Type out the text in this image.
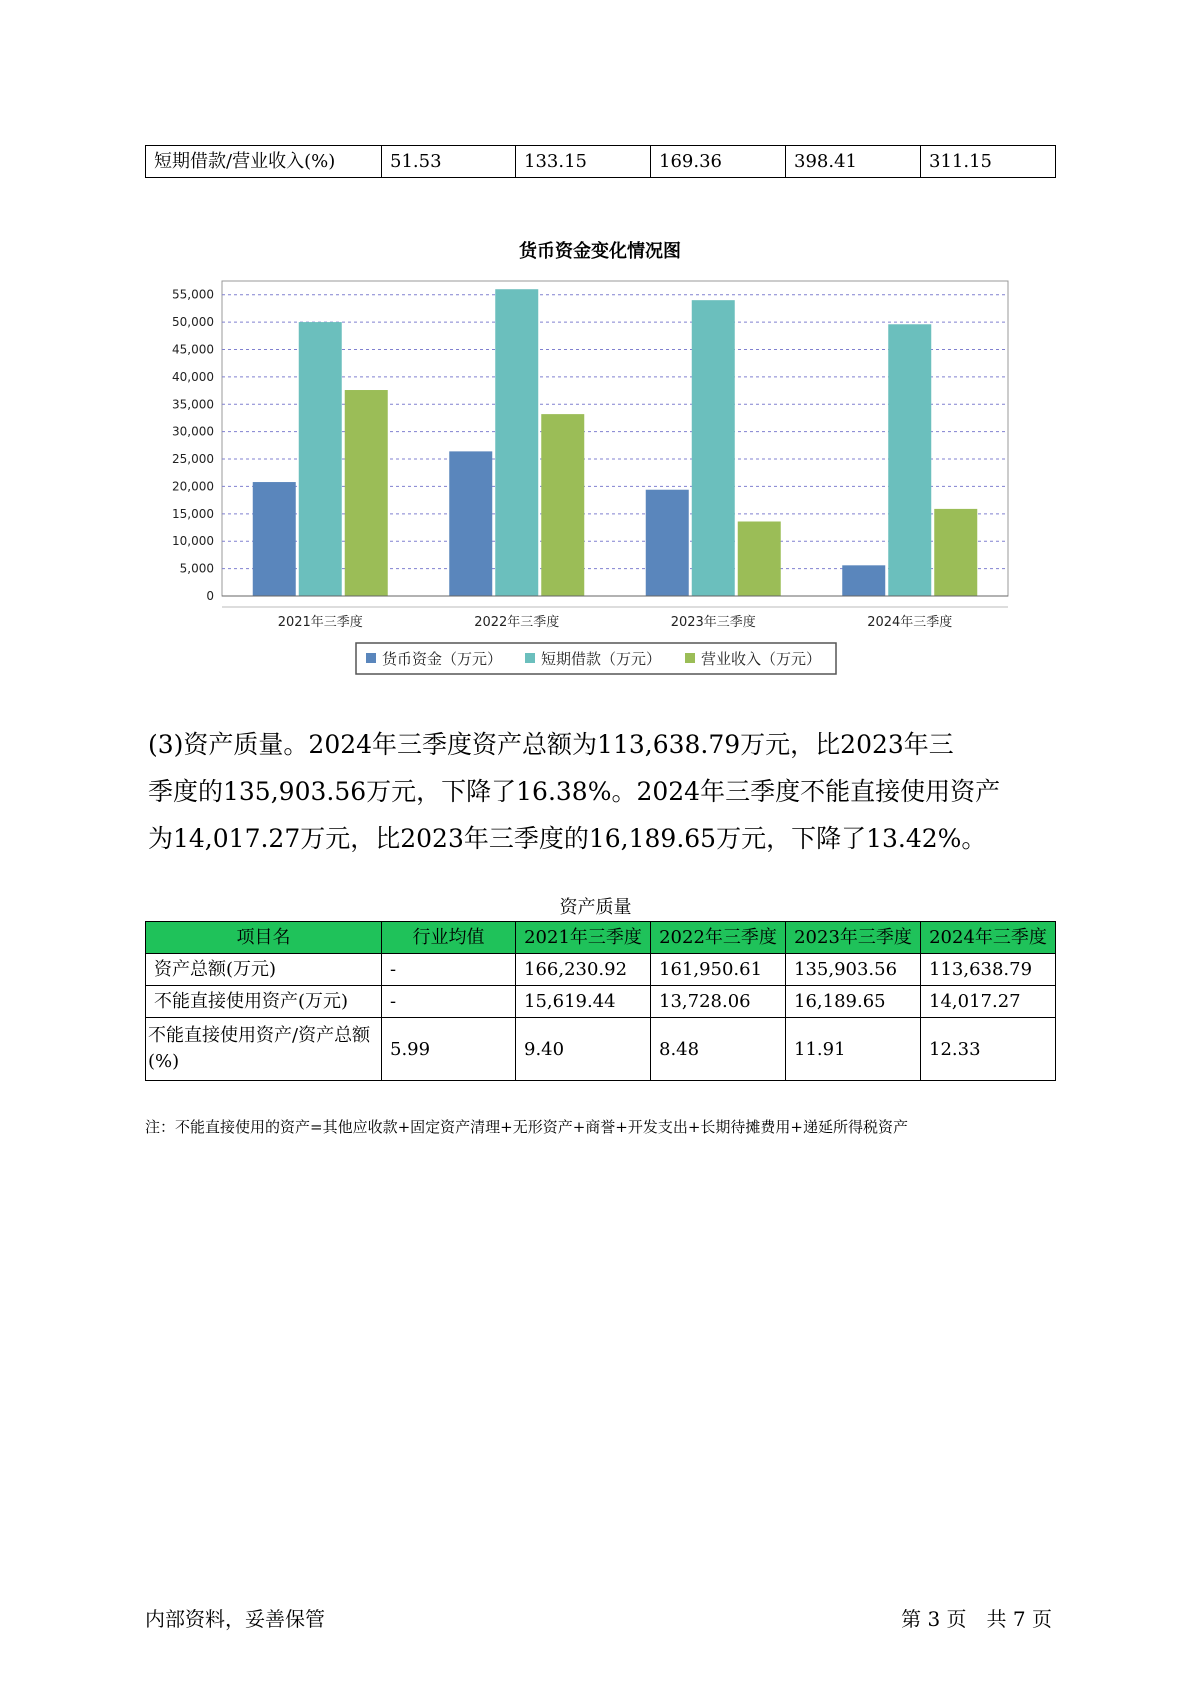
短期借款/营业收入(%)	51.53	133.15	169.36	398.41	311.15
货币资金变化情况图
0
5,000
10,000
15,000
20,000
25,000
30,000
35,000
40,000
45,000
50,000
55,000
2021年三季度	2022年三季度	2023年三季度	2024年三季度
货币资金（万元）	短期借款（万元）	营业收入（万元）
(3)资产质量。2024年三季度资产总额为113,638.79万元，比2023年三
季度的135,903.56万元，下降了16.38%。2024年三季度不能直接使用资产
为14,017.27万元，比2023年三季度的16,189.65万元，下降了13.42%。
资产质量
项目名	行业均值	2021年三季度	2022年三季度	2023年三季度	2024年三季度
资产总额(万元)	-	166,230.92	161,950.61	135,903.56	113,638.79
不能直接使用资产(万元)	-	15,619.44	13,728.06	16,189.65	14,017.27
不能直接使用资产/资产总额(%)	5.99	9.40	8.48	11.91	12.33
注：不能直接使用的资产=其他应收款+固定资产清理+无形资产+商誉+开发支出+长期待摊费用+递延所得税资产
内部资料，妥善保管	第 3 页　共 7 页
